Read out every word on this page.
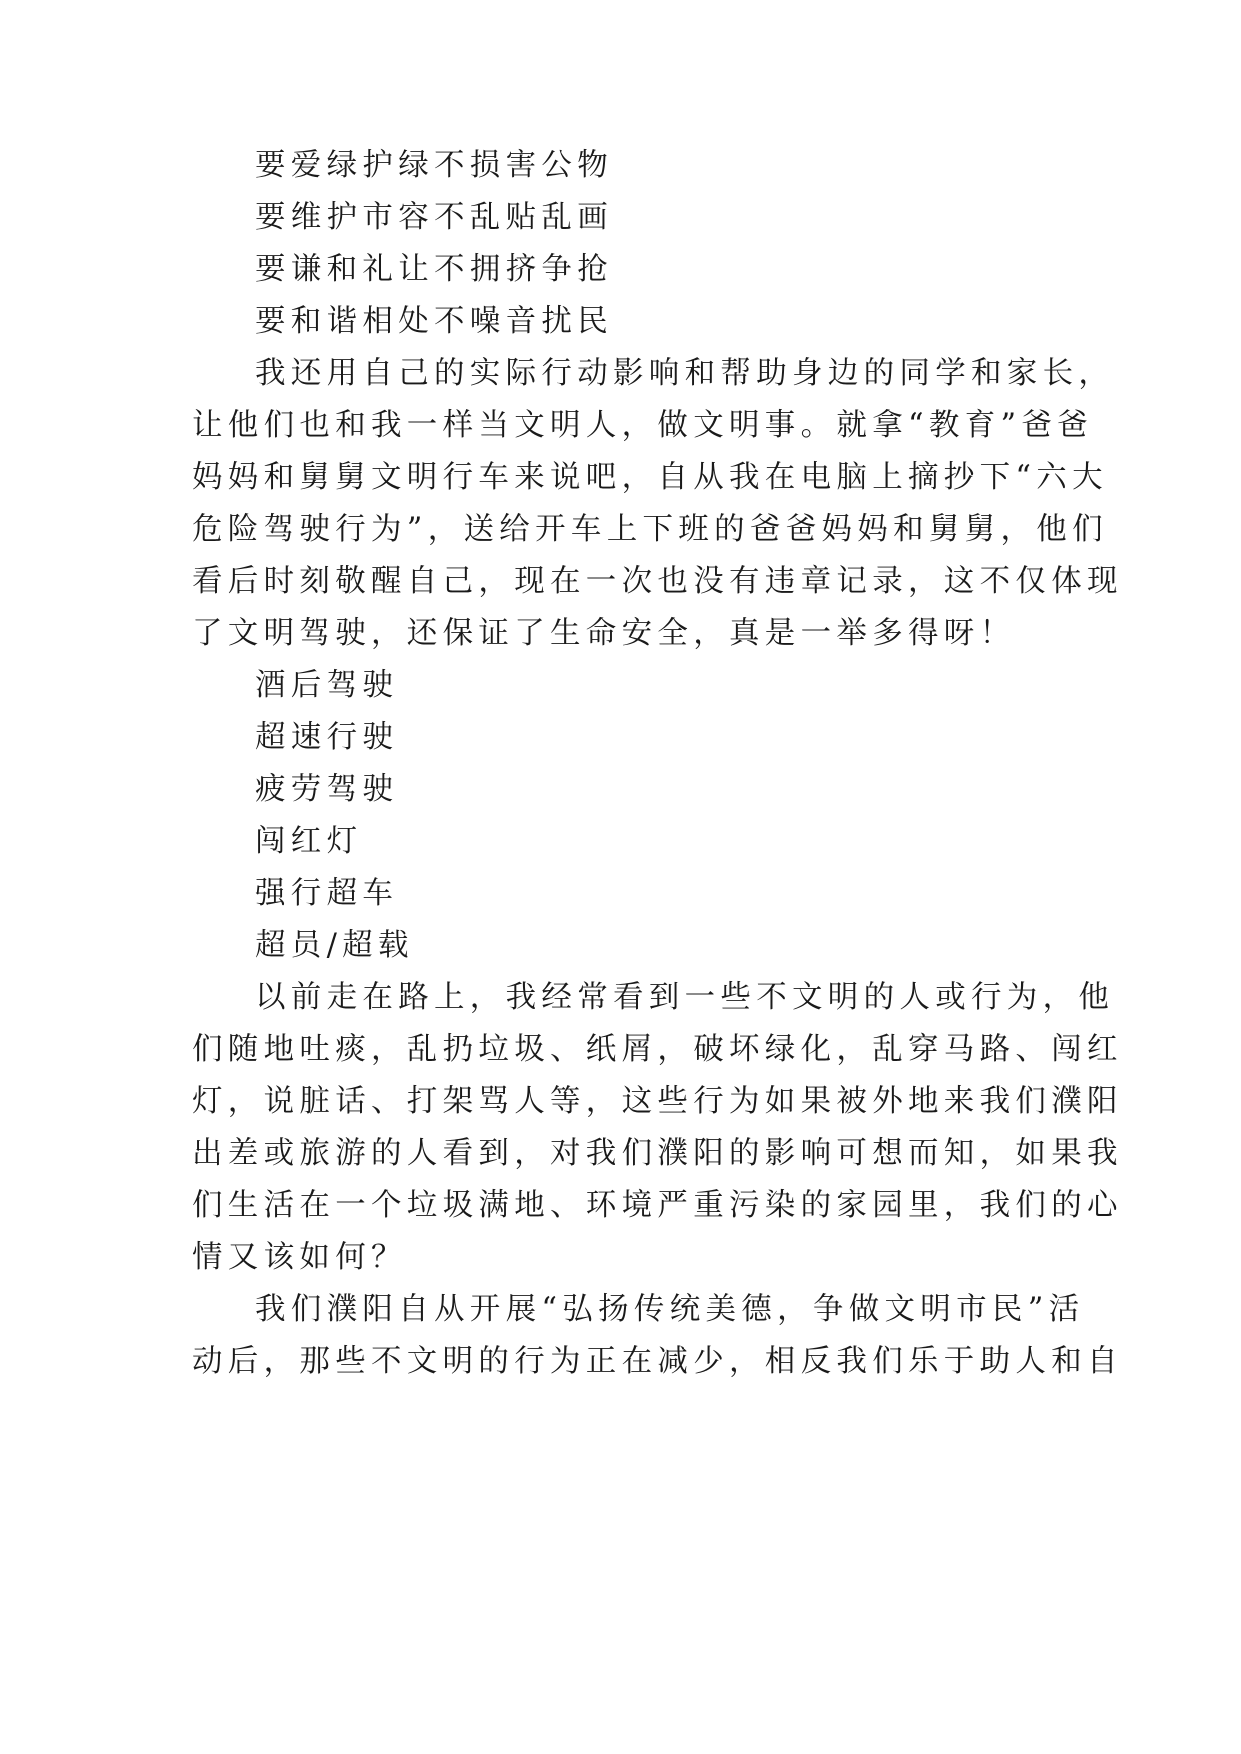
要爱绿护绿不损害公物
要维护市容不乱贴乱画
要谦和礼让不拥挤争抢
要和谐相处不噪音扰民
我还用自己的实际行动影响和帮助身边的同学和家长，
让他们也和我一样当文明人，做文明事。就拿“教育”爸爸
妈妈和舅舅文明行车来说吧，自从我在电脑上摘抄下“六大
危险驾驶行为”，送给开车上下班的爸爸妈妈和舅舅，他们
看后时刻敬醒自己，现在一次也没有违章记录，这不仅体现
了文明驾驶，还保证了生命安全，真是一举多得呀！
酒后驾驶
超速行驶
疲劳驾驶
闯红灯
强行超车
超员/超载
以前走在路上，我经常看到一些不文明的人或行为，他
们随地吐痰，乱扔垃圾、纸屑，破坏绿化，乱穿马路、闯红
灯，说脏话、打架骂人等，这些行为如果被外地来我们濮阳
出差或旅游的人看到，对我们濮阳的影响可想而知，如果我
们生活在一个垃圾满地、环境严重污染的家园里，我们的心
情又该如何？
我们濮阳自从开展“弘扬传统美德，争做文明市民”活
动后，那些不文明的行为正在减少，相反我们乐于助人和自
